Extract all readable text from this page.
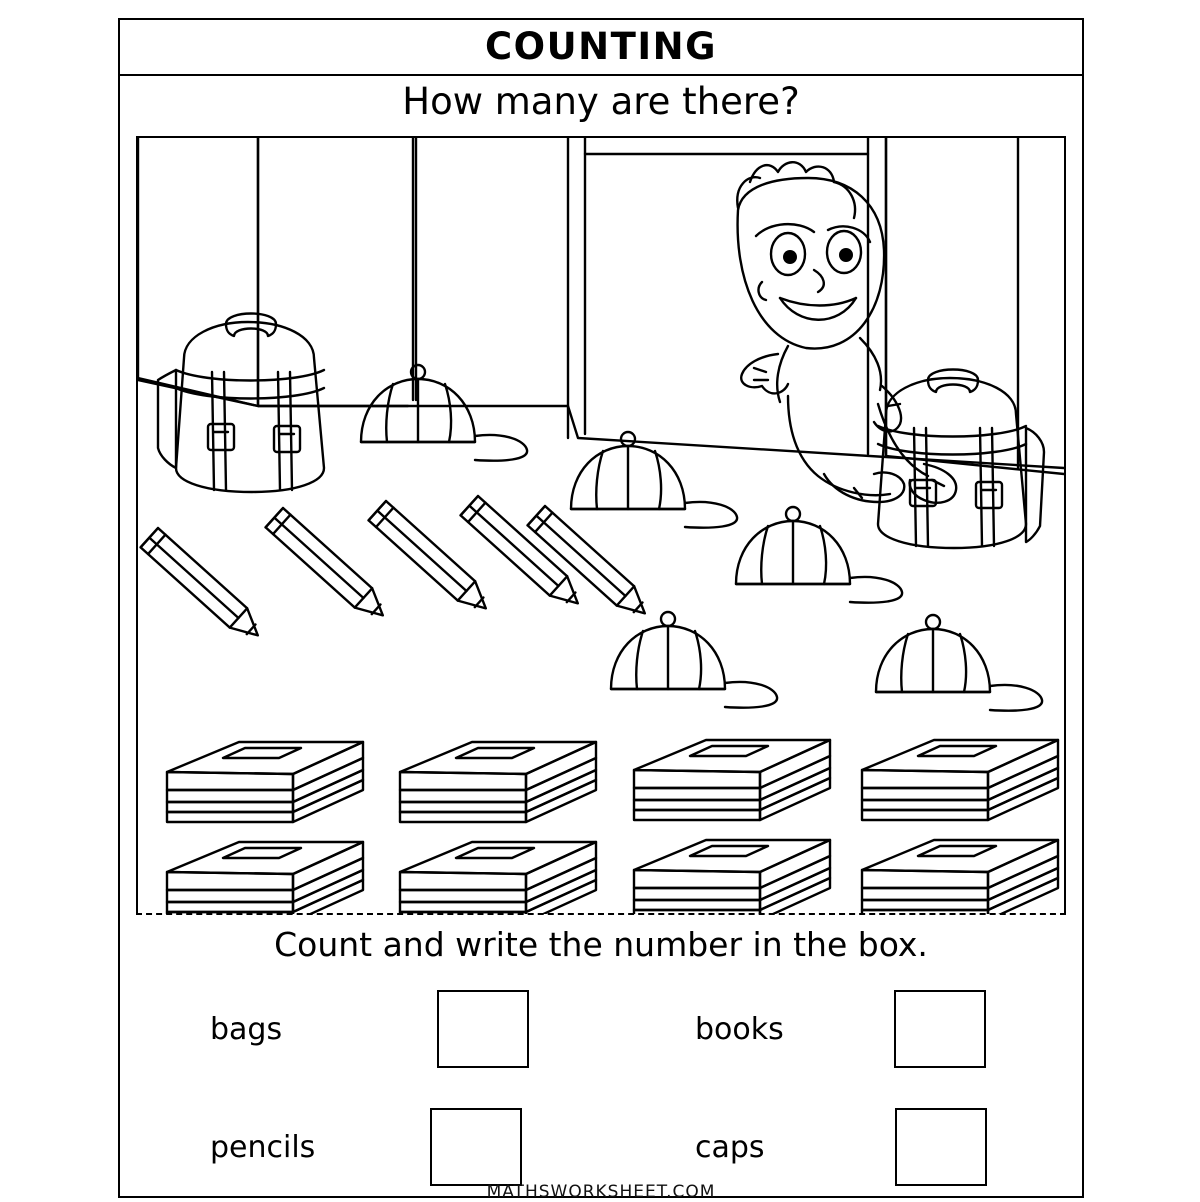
COUNTING
How many are there?
Count and write the number in the box.
bags	books
pencils	caps
MATHSWORKSHEET.COM
